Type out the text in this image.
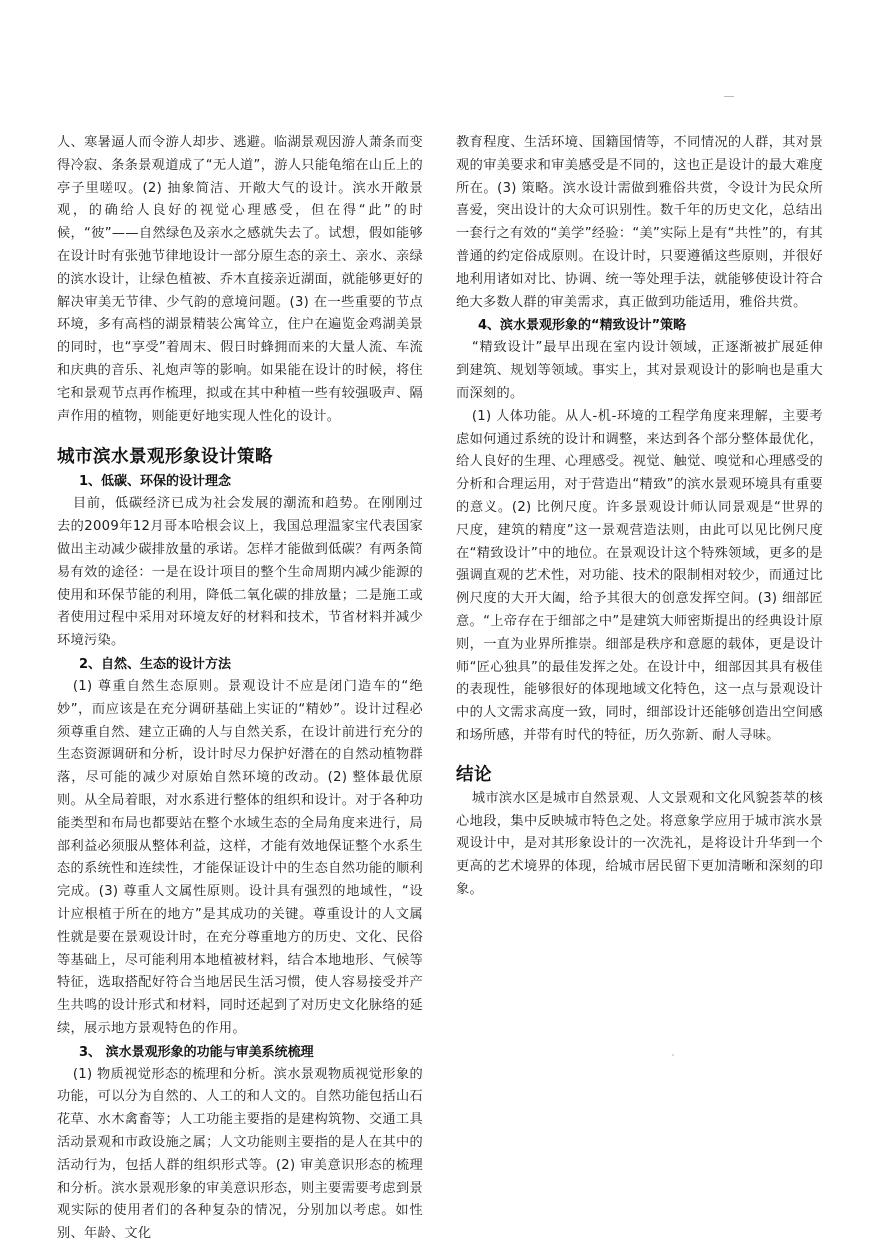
人、寒暑逼人而令游人却步、逃避。临湖景观因游人萧条而变得冷寂、条条景观道成了“无人道”，游人只能龟缩在山丘上的亭子里嗟叹。(2) 抽象简洁、开敞大气的设计。滨水开敞景观，的确给人良好的视觉心理感受，但在得“此”的时候，“彼”——自然绿色及亲水之感就失去了。试想，假如能够在设计时有张弛节律地设计一部分原生态的亲土、亲水、亲绿的滨水设计，让绿色植被、乔木直接亲近湖面，就能够更好的解决审美无节律、少气韵的意境问题。(3) 在一些重要的节点环境，多有高档的湖景精装公寓耸立，住户在遍览金鸡湖美景的同时，也“享受”着周末、假日时蜂拥而来的大量人流、车流和庆典的音乐、礼炮声等的影响。如果能在设计的时候，将住宅和景观节点再作梳理，拟或在其中种植一些有较强吸声、隔声作用的植物，则能更好地实现人性化的设计。

城市滨水景观形象设计策略
1、低碳、环保的设计理念

目前，低碳经济已成为社会发展的潮流和趋势。在刚刚过去的2009年12月哥本哈根会议上，我国总理温家宝代表国家做出主动减少碳排放量的承诺。怎样才能做到低碳？有两条简易有效的途径：一是在设计项目的整个生命周期内减少能源的使用和环保节能的利用，降低二氧化碳的排放量；二是施工或者使用过程中采用对环境友好的材料和技术，节省材料并减少环境污染。

2、自然、生态的设计方法

(1) 尊重自然生态原则。景观设计不应是闭门造车的“绝妙”，而应该是在充分调研基础上实证的“精妙”。设计过程必须尊重自然、建立正确的人与自然关系，在设计前进行充分的生态资源调研和分析，设计时尽力保护好潜在的自然动植物群落，尽可能的减少对原始自然环境的改动。(2) 整体最优原则。从全局着眼，对水系进行整体的组织和设计。对于各种功能类型和布局也都要站在整个水域生态的全局角度来进行，局部利益必须服从整体利益，这样，才能有效地保证整个水系生态的系统性和连续性，才能保证设计中的生态自然功能的顺利完成。(3) 尊重人文属性原则。设计具有强烈的地域性，“设计应根植于所在的地方”是其成功的关键。尊重设计的人文属性就是要在景观设计时，在充分尊重地方的历史、文化、民俗等基础上，尽可能利用本地植被材料，结合本地地形、气候等特征，选取搭配好符合当地居民生活习惯，使人容易接受并产生共鸣的设计形式和材料，同时还起到了对历史文化脉络的延续，展示地方景观特色的作用。

3、 滨水景观形象的功能与审美系统梳理

(1) 物质视觉形态的梳理和分析。滨水景观物质视觉形象的功能，可以分为自然的、人工的和人文的。自然功能包括山石花草、水木禽畜等；人工功能主要指的是建构筑物、交通工具活动景观和市政设施之属；人文功能则主要指的是人在其中的活动行为，包括人群的组织形式等。(2) 审美意识形态的梳理和分析。滨水景观形象的审美意识形态，则主要需要考虑到景观实际的使用者们的各种复杂的情况，分别加以考虑。如性别、年龄、文化

教育程度、生活环境、国籍国情等，不同情况的人群，其对景观的审美要求和审美感受是不同的，这也正是设计的最大难度所在。(3) 策略。滨水设计需做到雅俗共赏，令设计为民众所喜爱，突出设计的大众可识别性。数千年的历史文化，总结出一套行之有效的“美学”经验：“美”实际上是有“共性”的，有其普通的约定俗成原则。在设计时，只要遵循这些原则，并很好地利用诸如对比、协调、统一等处理手法，就能够使设计符合绝大多数人群的审美需求，真正做到功能适用，雅俗共赏。

4、滨水景观形象的“精致设计”策略

“精致设计”最早出现在室内设计领域，正逐渐被扩展延伸到建筑、规划等领域。事实上，其对景观设计的影响也是重大而深刻的。

(1) 人体功能。从人-机-环境的工程学角度来理解，主要考虑如何通过系统的设计和调整，来达到各个部分整体最优化，给人良好的生理、心理感受。视觉、触觉、嗅觉和心理感受的分析和合理运用，对于营造出“精致”的滨水景观环境具有重要的意义。(2) 比例尺度。许多景观设计师认同景观是“世界的尺度，建筑的精度”这一景观营造法则，由此可以见比例尺度在“精致设计”中的地位。在景观设计这个特殊领域，更多的是强调直观的艺术性，对功能、技术的限制相对较少，而通过比例尺度的大开大阖，给予其很大的创意发挥空间。(3) 细部匠意。“上帝存在于细部之中”是建筑大师密斯提出的经典设计原则，一直为业界所推崇。细部是秩序和意愿的载体，更是设计师“匠心独具”的最佳发挥之处。在设计中，细部因其具有极佳的表现性，能够很好的体现地域文化特色，这一点与景观设计中的人文需求高度一致，同时，细部设计还能够创造出空间感和场所感，并带有时代的特征，历久弥新、耐人寻味。

结论

城市滨水区是城市自然景观、人文景观和文化风貌荟萃的核心地段，集中反映城市特色之处。将意象学应用于城市滨水景观设计中，是对其形象设计的一次洗礼，是将设计升华到一个更高的艺术境界的体现，给城市居民留下更加清晰和深刻的印象。
